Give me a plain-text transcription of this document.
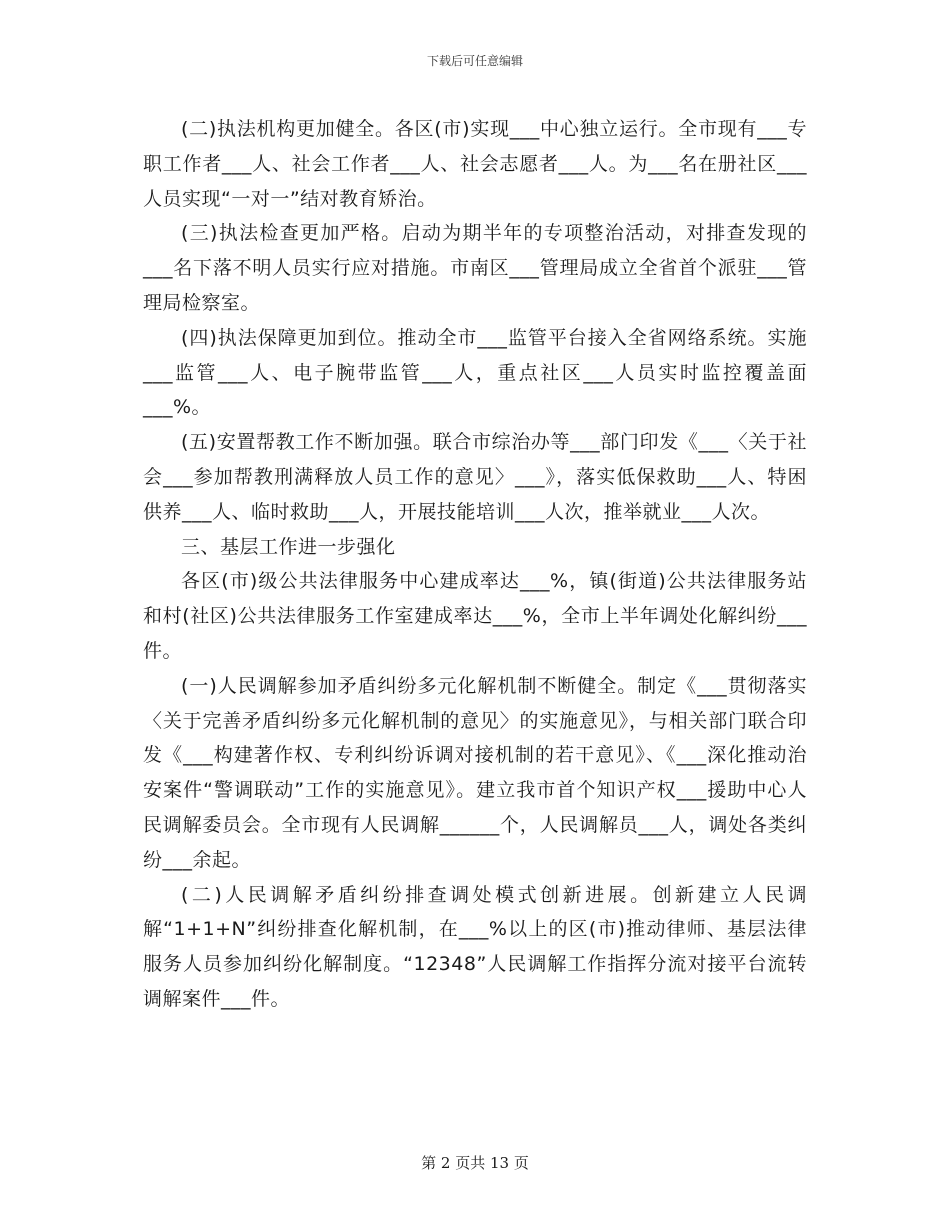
下载后可任意编辑

(二)执法机构更加健全。各区(市)实现___中心独立运行。全市现有___专职工作者___人、社会工作者___人、社会志愿者___人。为___名在册社区___人员实现“一对一”结对教育矫治。

(三)执法检查更加严格。启动为期半年的专项整治活动，对排查发现的___名下落不明人员实行应对措施。市南区___管理局成立全省首个派驻___管理局检察室。

(四)执法保障更加到位。推动全市___监管平台接入全省网络系统。实施___监管___人、电子腕带监管___人，重点社区___人员实时监控覆盖面___%。

(五)安置帮教工作不断加强。联合市综治办等___部门印发《___〈关于社会___参加帮教刑满释放人员工作的意见〉___》，落实低保救助___人、特困供养___人、临时救助___人，开展技能培训___人次，推举就业___人次。

三、基层工作进一步强化

各区(市)级公共法律服务中心建成率达___%，镇(街道)公共法律服务站和村(社区)公共法律服务工作室建成率达___%，全市上半年调处化解纠纷___件。

(一)人民调解参加矛盾纠纷多元化解机制不断健全。制定《___贯彻落实〈关于完善矛盾纠纷多元化解机制的意见〉的实施意见》，与相关部门联合印发《___构建著作权、专利纠纷诉调对接机制的若干意见》、《___深化推动治安案件“警调联动”工作的实施意见》。建立我市首个知识产权___援助中心人民调解委员会。全市现有人民调解______个，人民调解员___人，调处各类纠纷___余起。

(二)人民调解矛盾纠纷排查调处模式创新进展。创新建立人民调解“1+1+N”纠纷排查化解机制，在___%以上的区(市)推动律师、基层法律服务人员参加纠纷化解制度。“12348”人民调解工作指挥分流对接平台流转调解案件___件。

第 2 页共 13 页
